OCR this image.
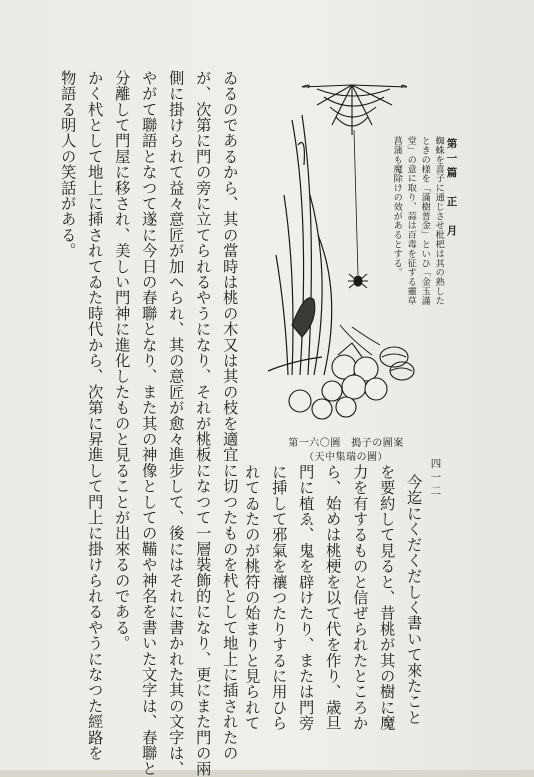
第一篇　正　月
四一二
蜘蛛を喜子に通じさせ枇杷は其の熟した
ときの様を「滿樹普金」といひ「金玉滿
堂」の意に取り、蒜は百毒を征する靈草
菖蒲も魔除けの效があるとする。
第一六〇圖　搗子の圖案
（天中集瑞の圖）
今迄にくだくだしく書いて來たこと
を要約して見ると、昔桃が其の樹に魔
力を有するものと信ぜられたところか
ら、始めは桃梗を以て代を作り、歳旦
門に植ゑ、鬼を辟けたり、または門旁
に挿して邪氣を禳つたりするに用ひら
れてゐたのが桃符の始まりと見られて
ゐるのであるから、其の當時は桃の木又は其の枝を適宜に切つたものを杙として地上に插されたの
が、次第に門の旁に立てられるやうになり、それが桃板になつて一層裝飾的になり、更にまた門の兩
側に掛けられて益々意匠が加へられ、其の意匠が愈々進步して、後にはそれに書かれた其の文字は、
やがて聯語となつて遂に今日の春聯となり、また其の神像としての鞴や神名を書いた文字は、春聯と
分離して門屋に移され、美しい門神に進化したものと見ることが出來るのである。
かく杙として地上に揷されてゐた時代から、次第に昇進して門上に掛けられるやうになつた經路を
物語る明人の笑話がある。
